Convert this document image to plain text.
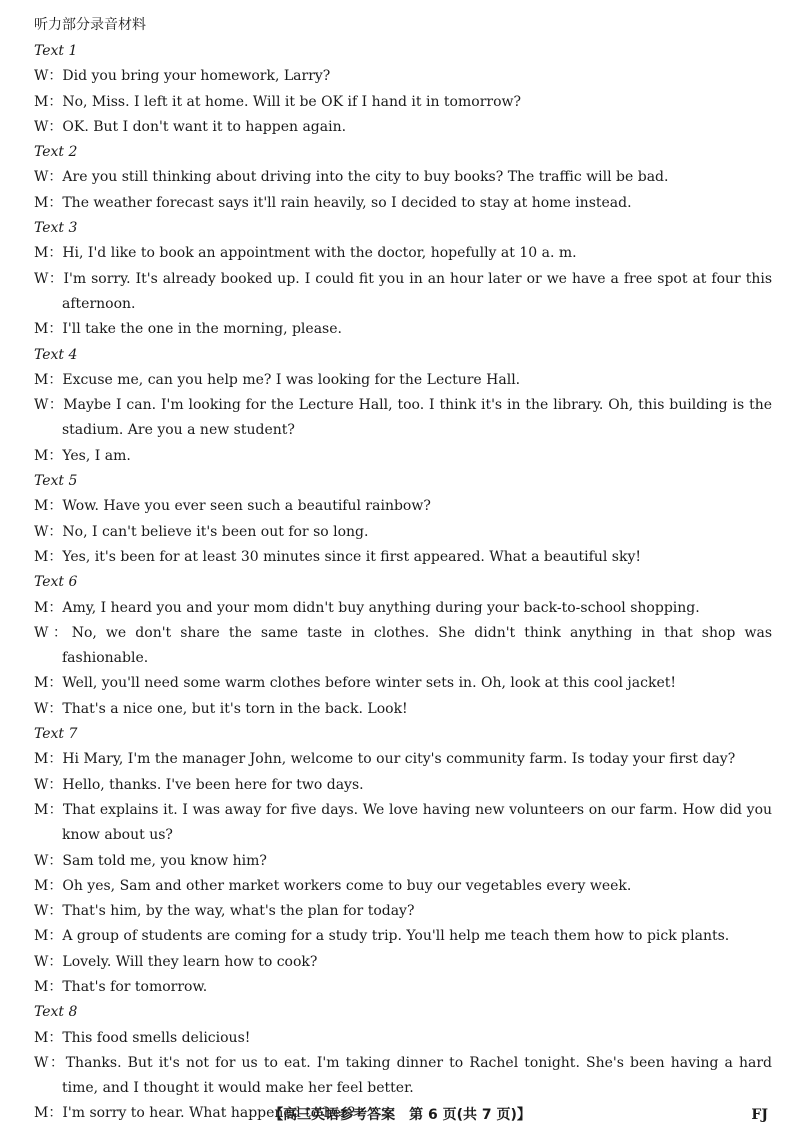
听力部分录音材料
Text 1
W：Did you bring your homework, Larry?
M：No, Miss. I left it at home. Will it be OK if I hand it in tomorrow?
W：OK. But I don't want it to happen again.
Text 2
W：Are you still thinking about driving into the city to buy books? The traffic will be bad.
M：The weather forecast says it'll rain heavily, so I decided to stay at home instead.
Text 3
M：Hi, I'd like to book an appointment with the doctor, hopefully at 10 a. m.
W：I'm sorry. It's already booked up. I could fit you in an hour later or we have a free spot at four this afternoon.
M：I'll take the one in the morning, please.
Text 4
M：Excuse me, can you help me? I was looking for the Lecture Hall.
W：Maybe I can. I'm looking for the Lecture Hall, too. I think it's in the library. Oh, this building is the stadium. Are you a new student?
M：Yes, I am.
Text 5
M：Wow. Have you ever seen such a beautiful rainbow?
W：No, I can't believe it's been out for so long.
M：Yes, it's been for at least 30 minutes since it first appeared. What a beautiful sky!
Text 6
M：Amy, I heard you and your mom didn't buy anything during your back-to-school shopping.
W：No, we don't share the same taste in clothes. She didn't think anything in that shop was fashionable.
M：Well, you'll need some warm clothes before winter sets in. Oh, look at this cool jacket!
W：That's a nice one, but it's torn in the back. Look!
Text 7
M：Hi Mary, I'm the manager John, welcome to our city's community farm. Is today your first day?
W：Hello, thanks. I've been here for two days.
M：That explains it. I was away for five days. We love having new volunteers on our farm. How did you know about us?
W：Sam told me, you know him?
M：Oh yes, Sam and other market workers come to buy our vegetables every week.
W：That's him, by the way, what's the plan for today?
M：A group of students are coming for a study trip. You'll help me teach them how to pick plants.
W：Lovely. Will they learn how to cook?
M：That's for tomorrow.
Text 8
M：This food smells delicious!
W：Thanks. But it's not for us to eat. I'm taking dinner to Rachel tonight. She's been having a hard time, and I thought it would make her feel better.
M：I'm sorry to hear. What happened to her?
【高三英语参考答案　第 6 页(共 7 页)】	FJ
